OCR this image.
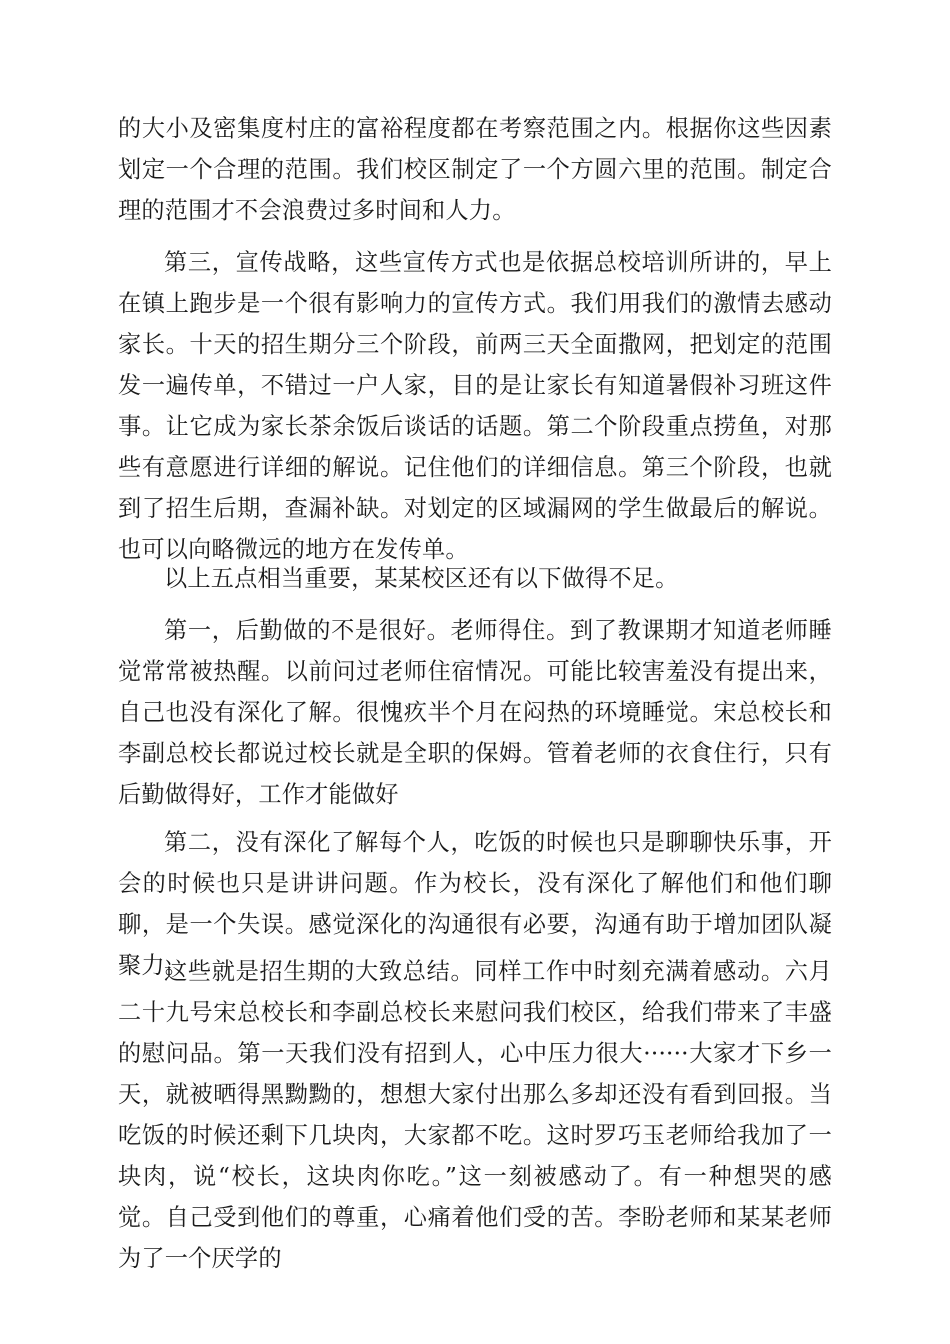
的大小及密集度村庄的富裕程度都在考察范围之内。根据你这些因素划定一个合理的范围。我们校区制定了一个方圆六里的范围。制定合理的范围才不会浪费过多时间和人力。

第三，宣传战略，这些宣传方式也是依据总校培训所讲的，早上在镇上跑步是一个很有影响力的宣传方式。我们用我们的激情去感动家长。十天的招生期分三个阶段，前两三天全面撒网，把划定的范围发一遍传单，不错过一户人家，目的是让家长有知道暑假补习班这件事。让它成为家长茶余饭后谈话的话题。第二个阶段重点捞鱼，对那些有意愿进行详细的解说。记住他们的详细信息。第三个阶段，也就到了招生后期，查漏补缺。对划定的区域漏网的学生做最后的解说。也可以向略微远的地方在发传单。

以上五点相当重要，某某校区还有以下做得不足。

第一，后勤做的不是很好。老师得住。到了教课期才知道老师睡觉常常被热醒。以前问过老师住宿情况。可能比较害羞没有提出来，自己也没有深化了解。很愧疚半个月在闷热的环境睡觉。宋总校长和李副总校长都说过校长就是全职的保姆。管着老师的衣食住行，只有后勤做得好，工作才能做好

第二，没有深化了解每个人，吃饭的时候也只是聊聊快乐事，开会的时候也只是讲讲问题。作为校长，没有深化了解他们和他们聊聊，是一个失误。感觉深化的沟通很有必要，沟通有助于增加团队凝聚力。

这些就是招生期的大致总结。同样工作中时刻充满着感动。六月二十九号宋总校长和李副总校长来慰问我们校区，给我们带来了丰盛的慰问品。第一天我们没有招到人，心中压力很大······大家才下乡一天，就被晒得黑黝黝的，想想大家付出那么多却还没有看到回报。当吃饭的时候还剩下几块肉，大家都不吃。这时罗巧玉老师给我加了一块肉，说“校长，这块肉你吃。”这一刻被感动了。有一种想哭的感觉。自己受到他们的尊重，心痛着他们受的苦。李盼老师和某某老师为了一个厌学的
